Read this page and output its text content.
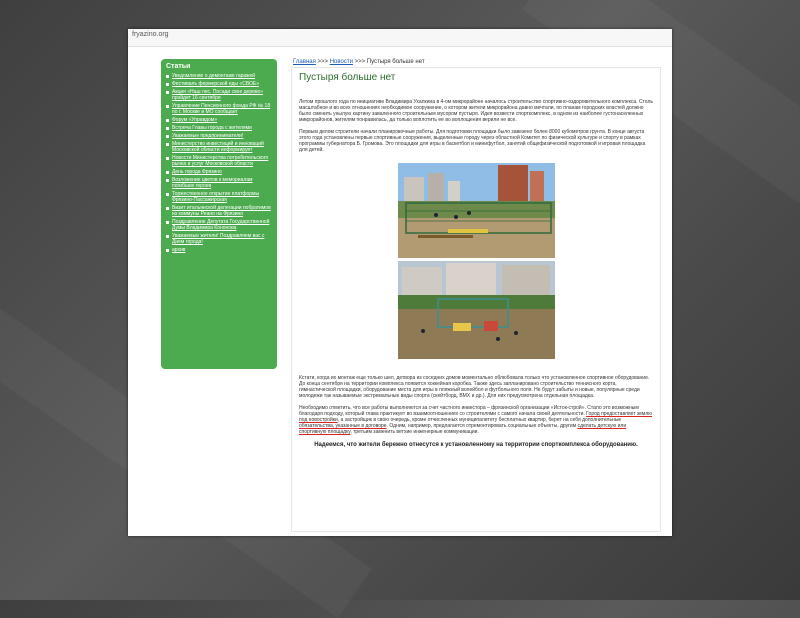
fryazino.org
Статьи
Уведомление о демонтаже гаражей
Фестиваль фермерской еды «СВОЕ»
Акция «Наш лес. Посади свое дерево» пройдет 16 сентября
Управление Пенсионного фонда РФ № 18 по г. Москве и МО сообщает
Форум «Управдом»
Встреча Главы города с жителями
Уважаемые предприниматели!
Министерство инвестиций и инноваций Московской области информирует
Новости Министерства потребительского рынка и услуг Московской области
День города Фрязино
Возложение цветов к мемориалам погибших героев
Торжественное открытие платформы Фрязино-Пассажирская
Визит итальянской делегации побратимов из коммуны Реано на Фрязино
Поздравление Депутата Государственной Думы Владимира Кононова
Уважаемые жители! Поздравляем вас с Днем города!
архив
Главная >>> Новости >>> Пустыря больше нет
Пустыря больше нет

Летом прошлого года по инициативе Владимира Ухалкина в 4-ом микрорайоне началось строительство спортивно-оздоровительного комплекса. Столь масштабное и во всех отношениях необходимое сооружение, о котором жители микрорайона давно мечтали, по планам городских властей должно было сменить унылую картину заваленного строительным мусором пустыря. Идея возвести спорткомплекс, в одном из наиболее густонаселенных микрорайонов, жителям понравилась, да только воплотить ее во воплощения верили не все.

Первым делом строители начали планировочные работы. Для подготовки площадки было завезено более 8000 кубометров грунта. В конце августа этого года установлены первые спортивные сооружения, выделенные городу через областной Комитет по физической культуре и спорту в рамках программы губернатора Б. Громова. Это площадки для игры в баскетбол и минифутбол, занятий общефизической подготовкой и игровая площадка для детей.

Кстати, когда их монтаж еще только шел, детвора из соседних домов моментально облюбовала только что установленное спортивное оборудование. До конца сентября на территории комплекса появится хоккейная коробка. Также здесь запланировано строительство теннисного корта, гимнастической площадки, оборудование места для игры в пляжный волейбол и футбольного поля. Не будут забыты и новые, популярные среди молодежи так называемые экстремальные виды спорта (скейтборд, ВМХ и др.). Для них предусмотрена отдельная площадка.

Необходимо отметить, что все работы выполняются за счет частного инвестора – фрязинской организации «Исток-строй». Стало это возможным благодаря подходу, который глава практикует во взаимоотношениях со строителями с самого начала своей деятельности. Город предоставляет землю под новостройки, а застройщик в свою очередь, кроме отчисленных муниципалитету бесплатных квартир, берет на себя дополнительные обязательства, указанные в договоре. Одним, например, предлагается отремонтировать социальные объекты, другим сделать детскую или спортивную площадку, третьим заменить ветхие инженерные коммуникации.

Надеемся, что жители бережно отнесутся к установленному на территории спорткомплекса оборудованию.
